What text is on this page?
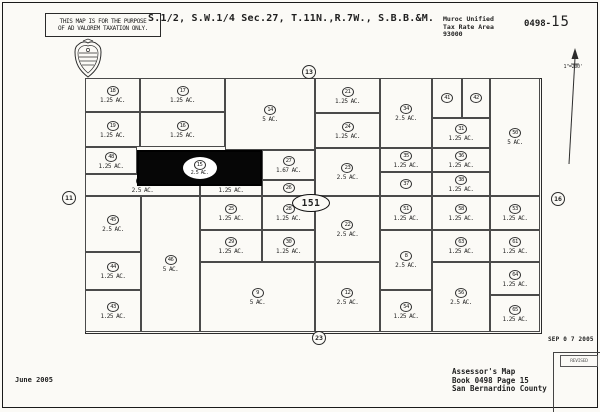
THIS MAP IS FOR THE PURPOSE
OF AD VALOREM TAXATION ONLY.
S.1/2, S.W.1/4 Sec.27, T.11N.,R.7W., S.B.B.&M.	Muroc Unified
Tax Rate Area
93000
0498-15
1"=200'
18
1.25 AC.
17
1.25 AC.
19
1.25 AC.
16
1.25 AC.
48
1.25 AC.
2.5 AC.	1.25 AC.
14
5 AC.
21
1.25 AC.
24
1.25 AC.
27
1.67 AC.
26
23
2.5 AC.
34
2.5 AC.
41	42
31
1.25 AC.
50
5 AC.
35
1.25 AC.
36
1.25 AC.
37
38
1.25 AC.
45
2.5 AC.
44
1.25 AC.
43
1.25 AC.
46
5 AC.
25
1.25 AC.
28
1.25 AC.
29
1.25 AC.
30
1.25 AC.
22
2.5 AC.
9
5 AC.
12
2.5 AC.
51
1.25 AC.
58
1.25 AC.
53
1.25 AC.
8
2.5 AC.
63
1.25 AC.
61
1.25 AC.
56
2.5 AC.
64
1.25 AC.
54
1.25 AC.
65
1.25 AC.
15
2.5 AC.
13
11	16
23
151
June 2005
SEP 0 7 2005
REVISED
Assessor's Map
Book 0498 Page 15
San Bernardino County
